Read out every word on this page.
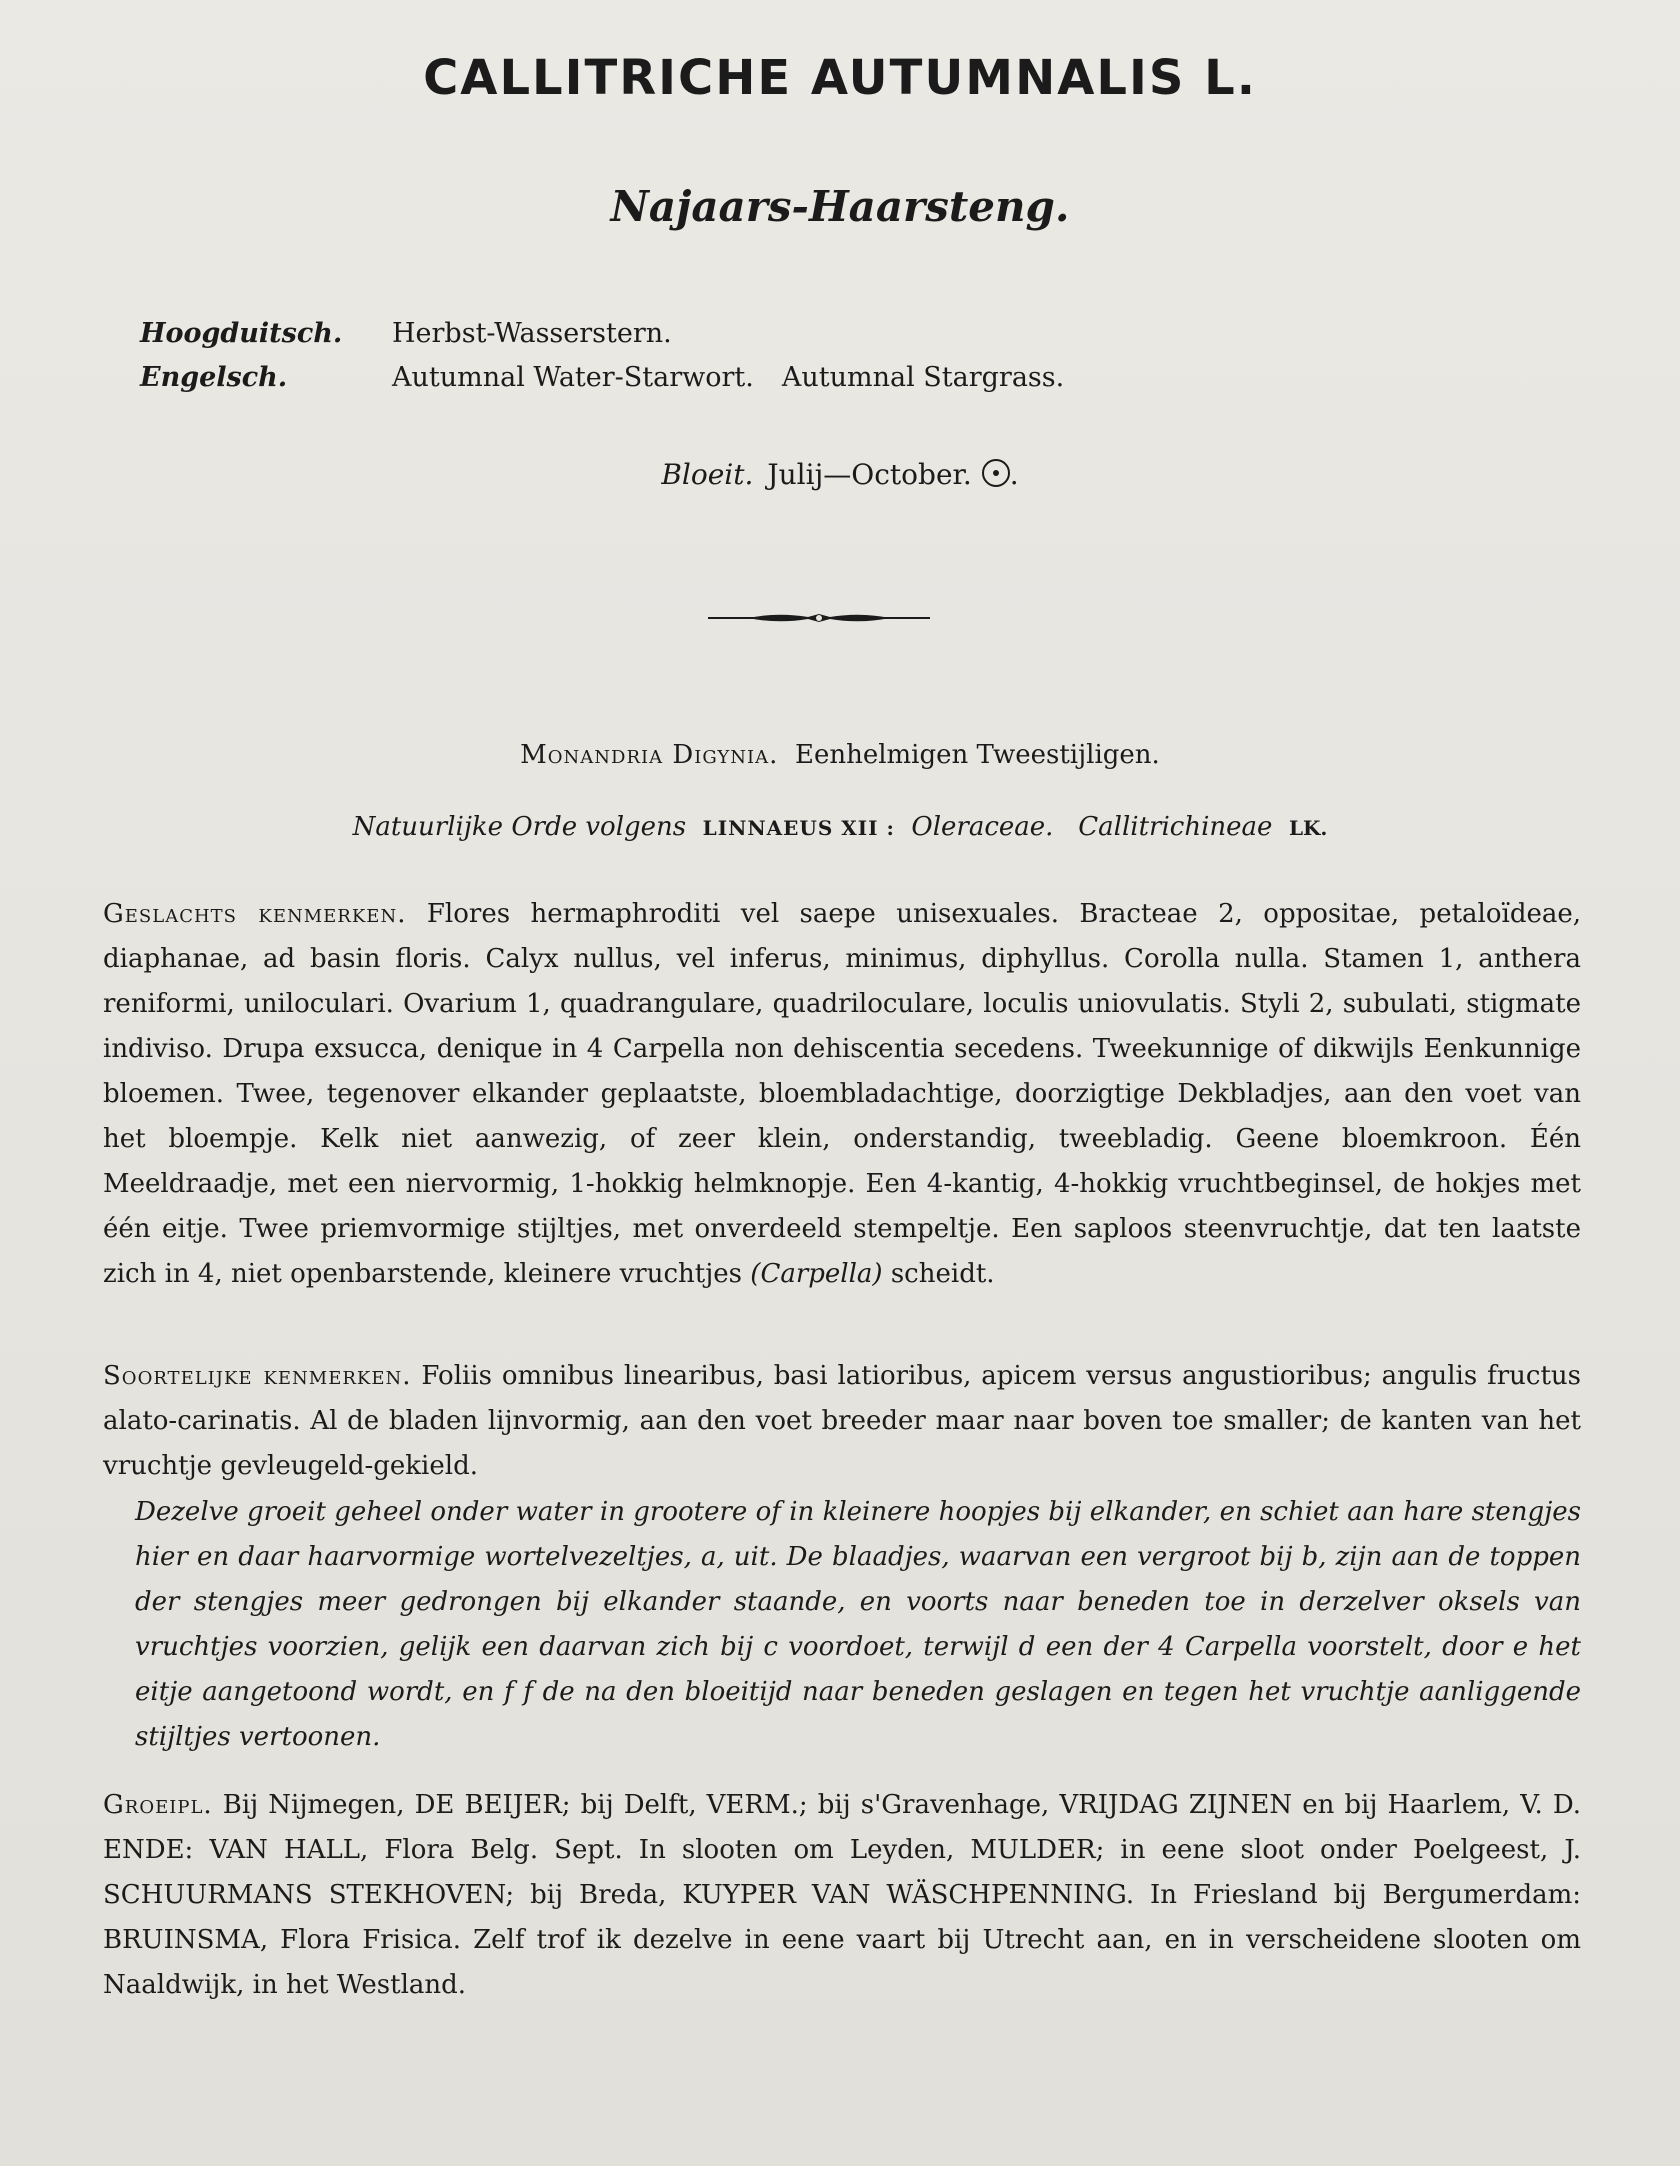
CALLITRICHE AUTUMNALIS L.
Najaars-Haarsteng.
Hoogduitsch.	Herbst-Wasserstern.
Engelsch.	Autumnal Water-Starwort. Autumnal Stargrass.
Bloeit. Julij—October. .
Monandria Digynia. Eenhelmigen Tweestijligen.
Natuurlijke Orde volgens LINNAEUS XII : Oleraceae. Callitrichineae LK.
Geslachts kenmerken. Flores hermaphroditi vel saepe unisexuales. Bracteae 2, oppositae, petaloïdeae, diaphanae, ad basin floris. Calyx nullus, vel inferus, minimus, diphyllus. Corolla nulla. Stamen 1, anthera reniformi, uniloculari. Ovarium 1, quadrangulare, quadriloculare, loculis uniovulatis. Styli 2, subulati, stigmate indiviso. Drupa exsucca, denique in 4 Carpella non dehiscentia secedens. Tweekunnige of dikwijls Eenkunnige bloemen. Twee, tegenover elkander geplaatste, bloembladachtige, doorzigtige Dekbladjes, aan den voet van het bloempje. Kelk niet aanwezig, of zeer klein, onderstandig, tweebladig. Geene bloemkroon. Één Meeldraadje, met een niervormig, 1-hokkig helmknopje. Een 4-kantig, 4-hokkig vruchtbeginsel, de hokjes met één eitje. Twee priemvormige stijltjes, met onverdeeld stempeltje. Een saploos steenvruchtje, dat ten laatste zich in 4, niet openbarstende, kleinere vruchtjes (Carpella) scheidt.
Soortelijke kenmerken. Foliis omnibus linearibus, basi latioribus, apicem versus angustioribus; angulis fructus alato-carinatis. Al de bladen lijnvormig, aan den voet breeder maar naar boven toe smaller; de kanten van het vruchtje gevleugeld-gekield.
Dezelve groeit geheel onder water in grootere of in kleinere hoopjes bij elkander, en schiet aan hare stengjes hier en daar haarvormige wortelvezeltjes, a, uit. De blaadjes, waarvan een vergroot bij b, zijn aan de toppen der stengjes meer gedrongen bij elkander staande, en voorts naar beneden toe in derzelver oksels van vruchtjes voorzien, gelijk een daarvan zich bij c voordoet, terwijl d een der 4 Carpella voorstelt, door e het eitje aangetoond wordt, en f f de na den bloeitijd naar beneden geslagen en tegen het vruchtje aanliggende stijltjes vertoonen.
Groeipl. Bij Nijmegen, DE BEIJER; bij Delft, VERM.; bij s'Gravenhage, VRIJDAG ZIJNEN en bij Haarlem, V. D. ENDE: VAN HALL, Flora Belg. Sept. In slooten om Leyden, MULDER; in eene sloot onder Poelgeest, J. SCHUURMANS STEKHOVEN; bij Breda, KUYPER VAN WÄSCHPENNING. In Friesland bij Bergumerdam: BRUINSMA, Flora Frisica. Zelf trof ik dezelve in eene vaart bij Utrecht aan, en in verscheidene slooten om Naaldwijk, in het Westland.
